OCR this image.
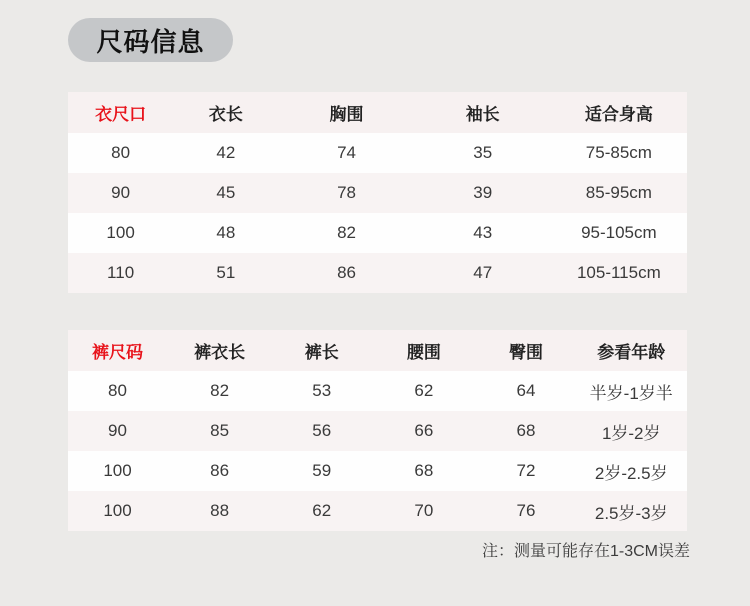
尺码信息
衣尺口	衣长	胸围	袖长	适合身高
80	42	74	35	75-85cm
90	45	78	39	85-95cm
100	48	82	43	95-105cm
110	51	86	47	105-115cm
裤尺码	裤衣长	裤长	腰围	臀围	参看年龄
80	82	53	62	64	半岁-1岁半
90	85	56	66	68	1岁-2岁
100	86	59	68	72	2岁-2.5岁
100	88	62	70	76	2.5岁-3岁
注：测量可能存在1-3CM误差
